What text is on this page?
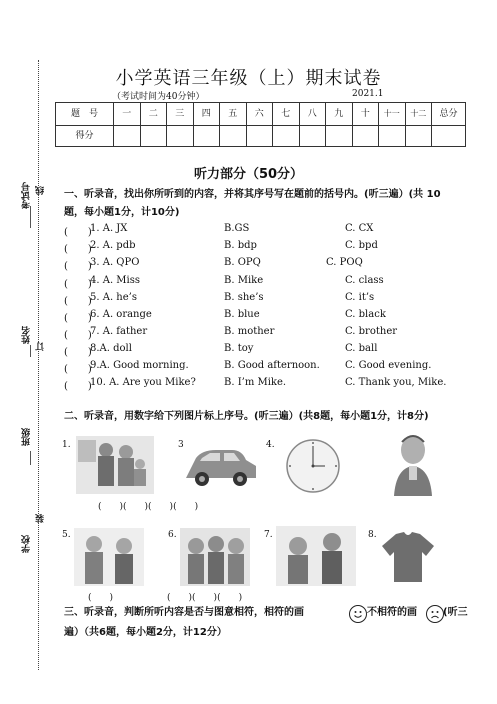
考试号 线
姓名
订
班级
学校
装
小学英语三年级（上）期末试卷
（考试时间为40分钟）	2021.1
题　号	一	二	三	四	五	六	七	八	九	十	十一	十二	总分
得分													
听力部分（50分）
一、听录音，找出你所听到的内容，并将其序号写在题前的括号内。(听三遍）(共 10 题，每小题1分，计10分)
(　　)
1. A. JX	B.GS	C. CX
(　　)
2. A. pdb	B. bdp	C. bpd
(　　)
3. A. QPO	B. OPQ	C. POQ
(　　)
4. A. Miss	B. Mike	C. class
(　　)
5. A. he’s	B. she’s	C. it’s
(　　)
6. A. orange	B. blue	C. black
(　　)
7. A. father	B. mother	C. brother
(　　)
8.A. doll	B. toy	C. ball
(　　)
9.A. Good morning.	B. Good afternoon.	C. Good evening.
(　　)
10. A. Are you Mike?	B. I’m Mike.	C. Thank you, Mike.
二、听录音，用数字给下列图片标上序号。(听三遍）(共8题，每小题1分，计8分)
1.	3	4.
(　　)(　　)(　　)(　　)
5.	6.	7.	8.
(　　)　　　　　　(　　)(　　)(　　)
三、听录音，判断所听内容是否与图意相符，相符的画	不相符的画	(听三
遍）（共6题，每小题2分，计12分）
